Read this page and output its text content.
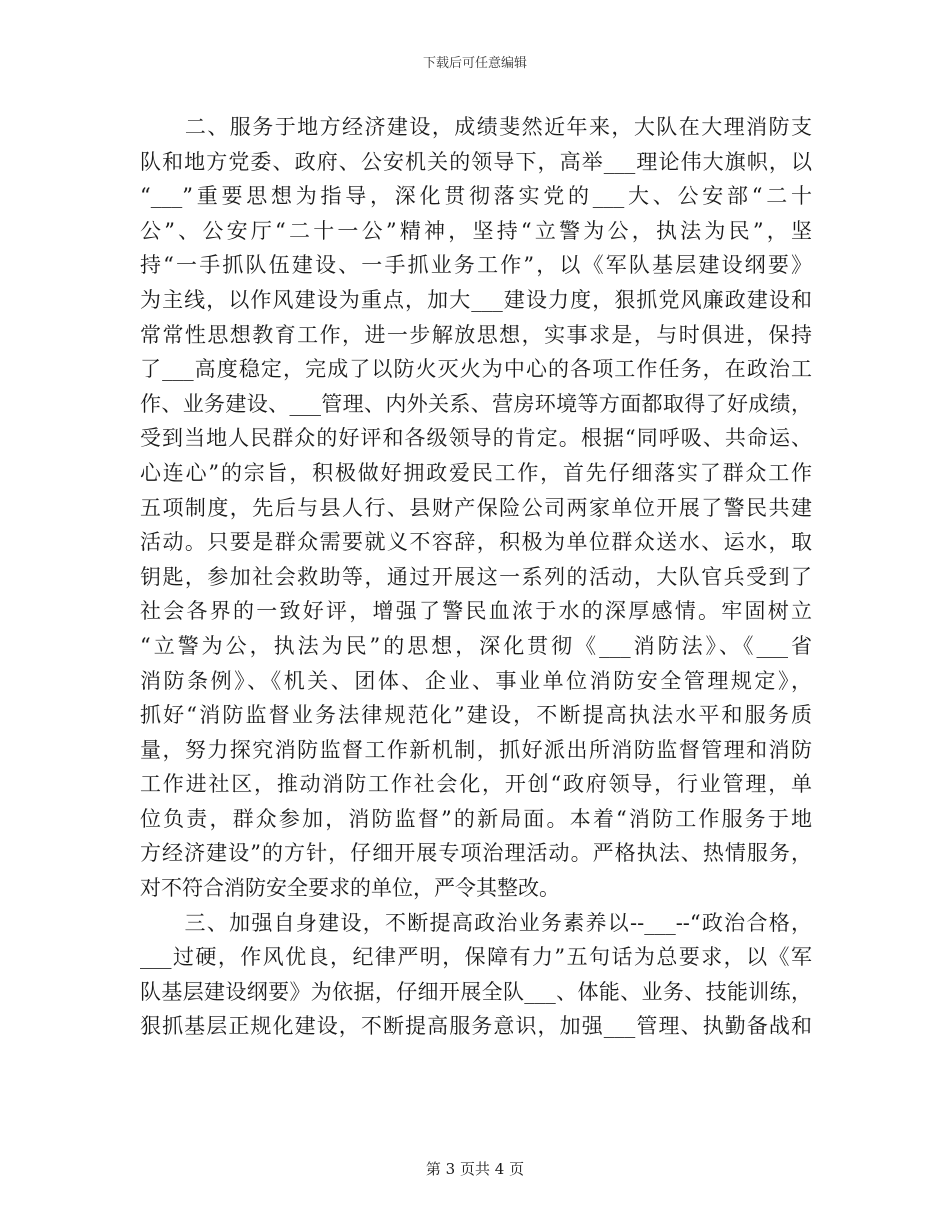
下载后可任意编辑
　　二、服务于地方经济建设，成绩斐然近年来，大队在大理消防支
队和地方党委、政府、公安机关的领导下，高举___理论伟大旗帜，以
“___”重要思想为指导，深化贯彻落实党的___大、公安部“二十
公”、公安厅“二十一公”精神，坚持“立警为公，执法为民”，坚
持“一手抓队伍建设、一手抓业务工作”，以《军队基层建设纲要》
为主线，以作风建设为重点，加大___建设力度，狠抓党风廉政建设和
常常性思想教育工作，进一步解放思想，实事求是，与时俱进，保持
了___高度稳定，完成了以防火灭火为中心的各项工作任务，在政治工
作、业务建设、___管理、内外关系、营房环境等方面都取得了好成绩，
受到当地人民群众的好评和各级领导的肯定。根据“同呼吸、共命运、
心连心”的宗旨，积极做好拥政爱民工作，首先仔细落实了群众工作
五项制度，先后与县人行、县财产保险公司两家单位开展了警民共建
活动。只要是群众需要就义不容辞，积极为单位群众送水、运水，取
钥匙，参加社会救助等，通过开展这一系列的活动，大队官兵受到了
社会各界的一致好评，增强了警民血浓于水的深厚感情。牢固树立
“立警为公，执法为民”的思想，深化贯彻《___消防法》、《___省
消防条例》、《机关、团体、企业、事业单位消防安全管理规定》，
抓好“消防监督业务法律规范化”建设，不断提高执法水平和服务质
量，努力探究消防监督工作新机制，抓好派出所消防监督管理和消防
工作进社区，推动消防工作社会化，开创“政府领导，行业管理，单
位负责，群众参加，消防监督”的新局面。本着“消防工作服务于地
方经济建设”的方针，仔细开展专项治理活动。严格执法、热情服务，
对不符合消防安全要求的单位，严令其整改。
　　三、加强自身建设，不断提高政治业务素养以--___--“政治合格，
___过硬，作风优良，纪律严明，保障有力”五句话为总要求，以《军
队基层建设纲要》为依据，仔细开展全队___、体能、业务、技能训练，
狠抓基层正规化建设，不断提高服务意识，加强___管理、执勤备战和
第 3 页共 4 页
